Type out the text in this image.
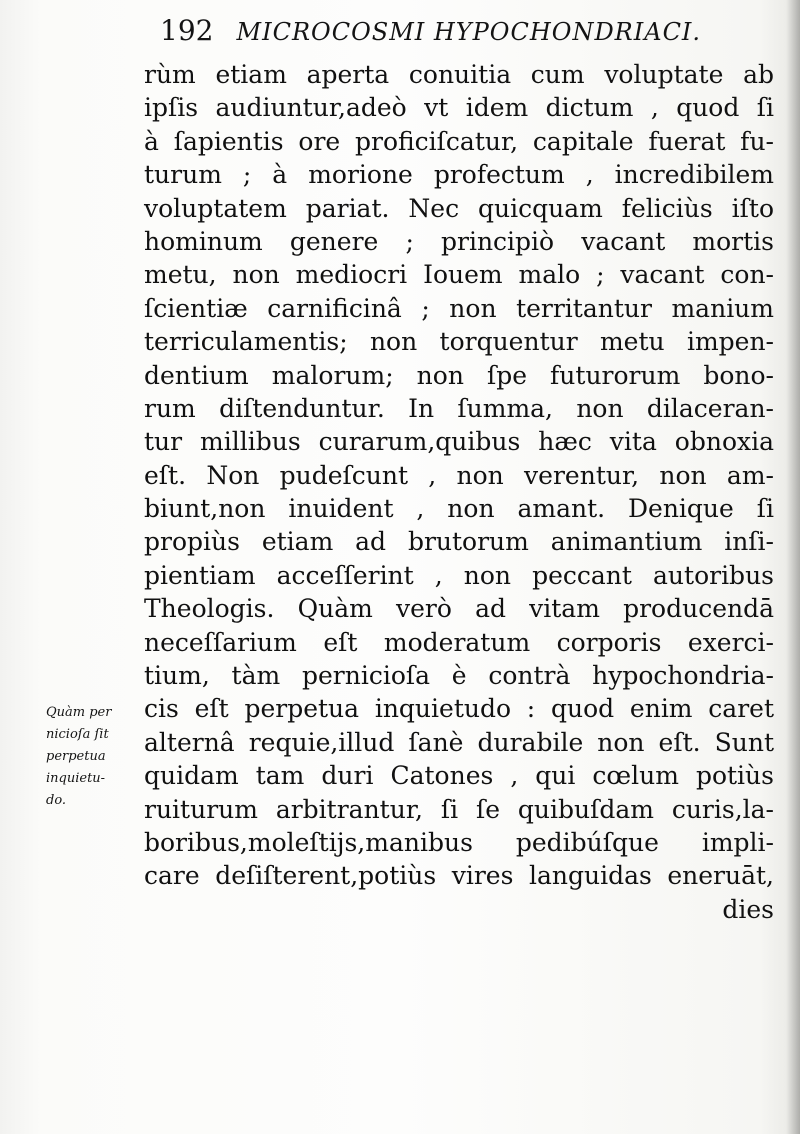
192 MICROCOSMI HYPOCHONDRIACI.
Quàm per
nicioſa ſit
perpetua
inquietu-
do.
rùm etiam aperta conuitia cum voluptate ab
ipſis audiuntur,adeò vt idem dictum , quod ſi
à ſapientis ore proficiſcatur, capitale fuerat fu-
turum ; à morione profectum , incredibilem
voluptatem pariat. Nec quicquam feliciùs iſto
hominum genere ; principiò vacant mortis
metu, non mediocri Iouem malo ; vacant con-
ſcientiæ carnificinâ ; non territantur manium
terriculamentis; non torquentur metu impen-
dentium malorum; non ſpe futurorum bono-
rum diſtenduntur. In ſumma, non dilaceran-
tur millibus curarum,quibus hæc vita obnoxia
eſt. Non pudeſcunt , non verentur, non am-
biunt,non inuident , non amant. Denique ſi
propiùs etiam ad brutorum animantium inſi-
pientiam acceſſerint , non peccant autoribus
Theologis. Quàm verò ad vitam producendā
neceſſarium eſt moderatum corporis exerci-
tium, tàm pernicioſa è contrà hypochondria-
cis eſt perpetua inquietudo : quod enim caret
alternâ requie,illud ſanè durabile non eſt. Sunt
quidam tam duri Catones , qui cœlum potiùs
ruiturum arbitrantur, ſi ſe quibuſdam curis,la-
boribus,moleſtijs,manibus pedibúſque impli-
care deſiſterent,potiùs vires languidas eneruāt,
dies
